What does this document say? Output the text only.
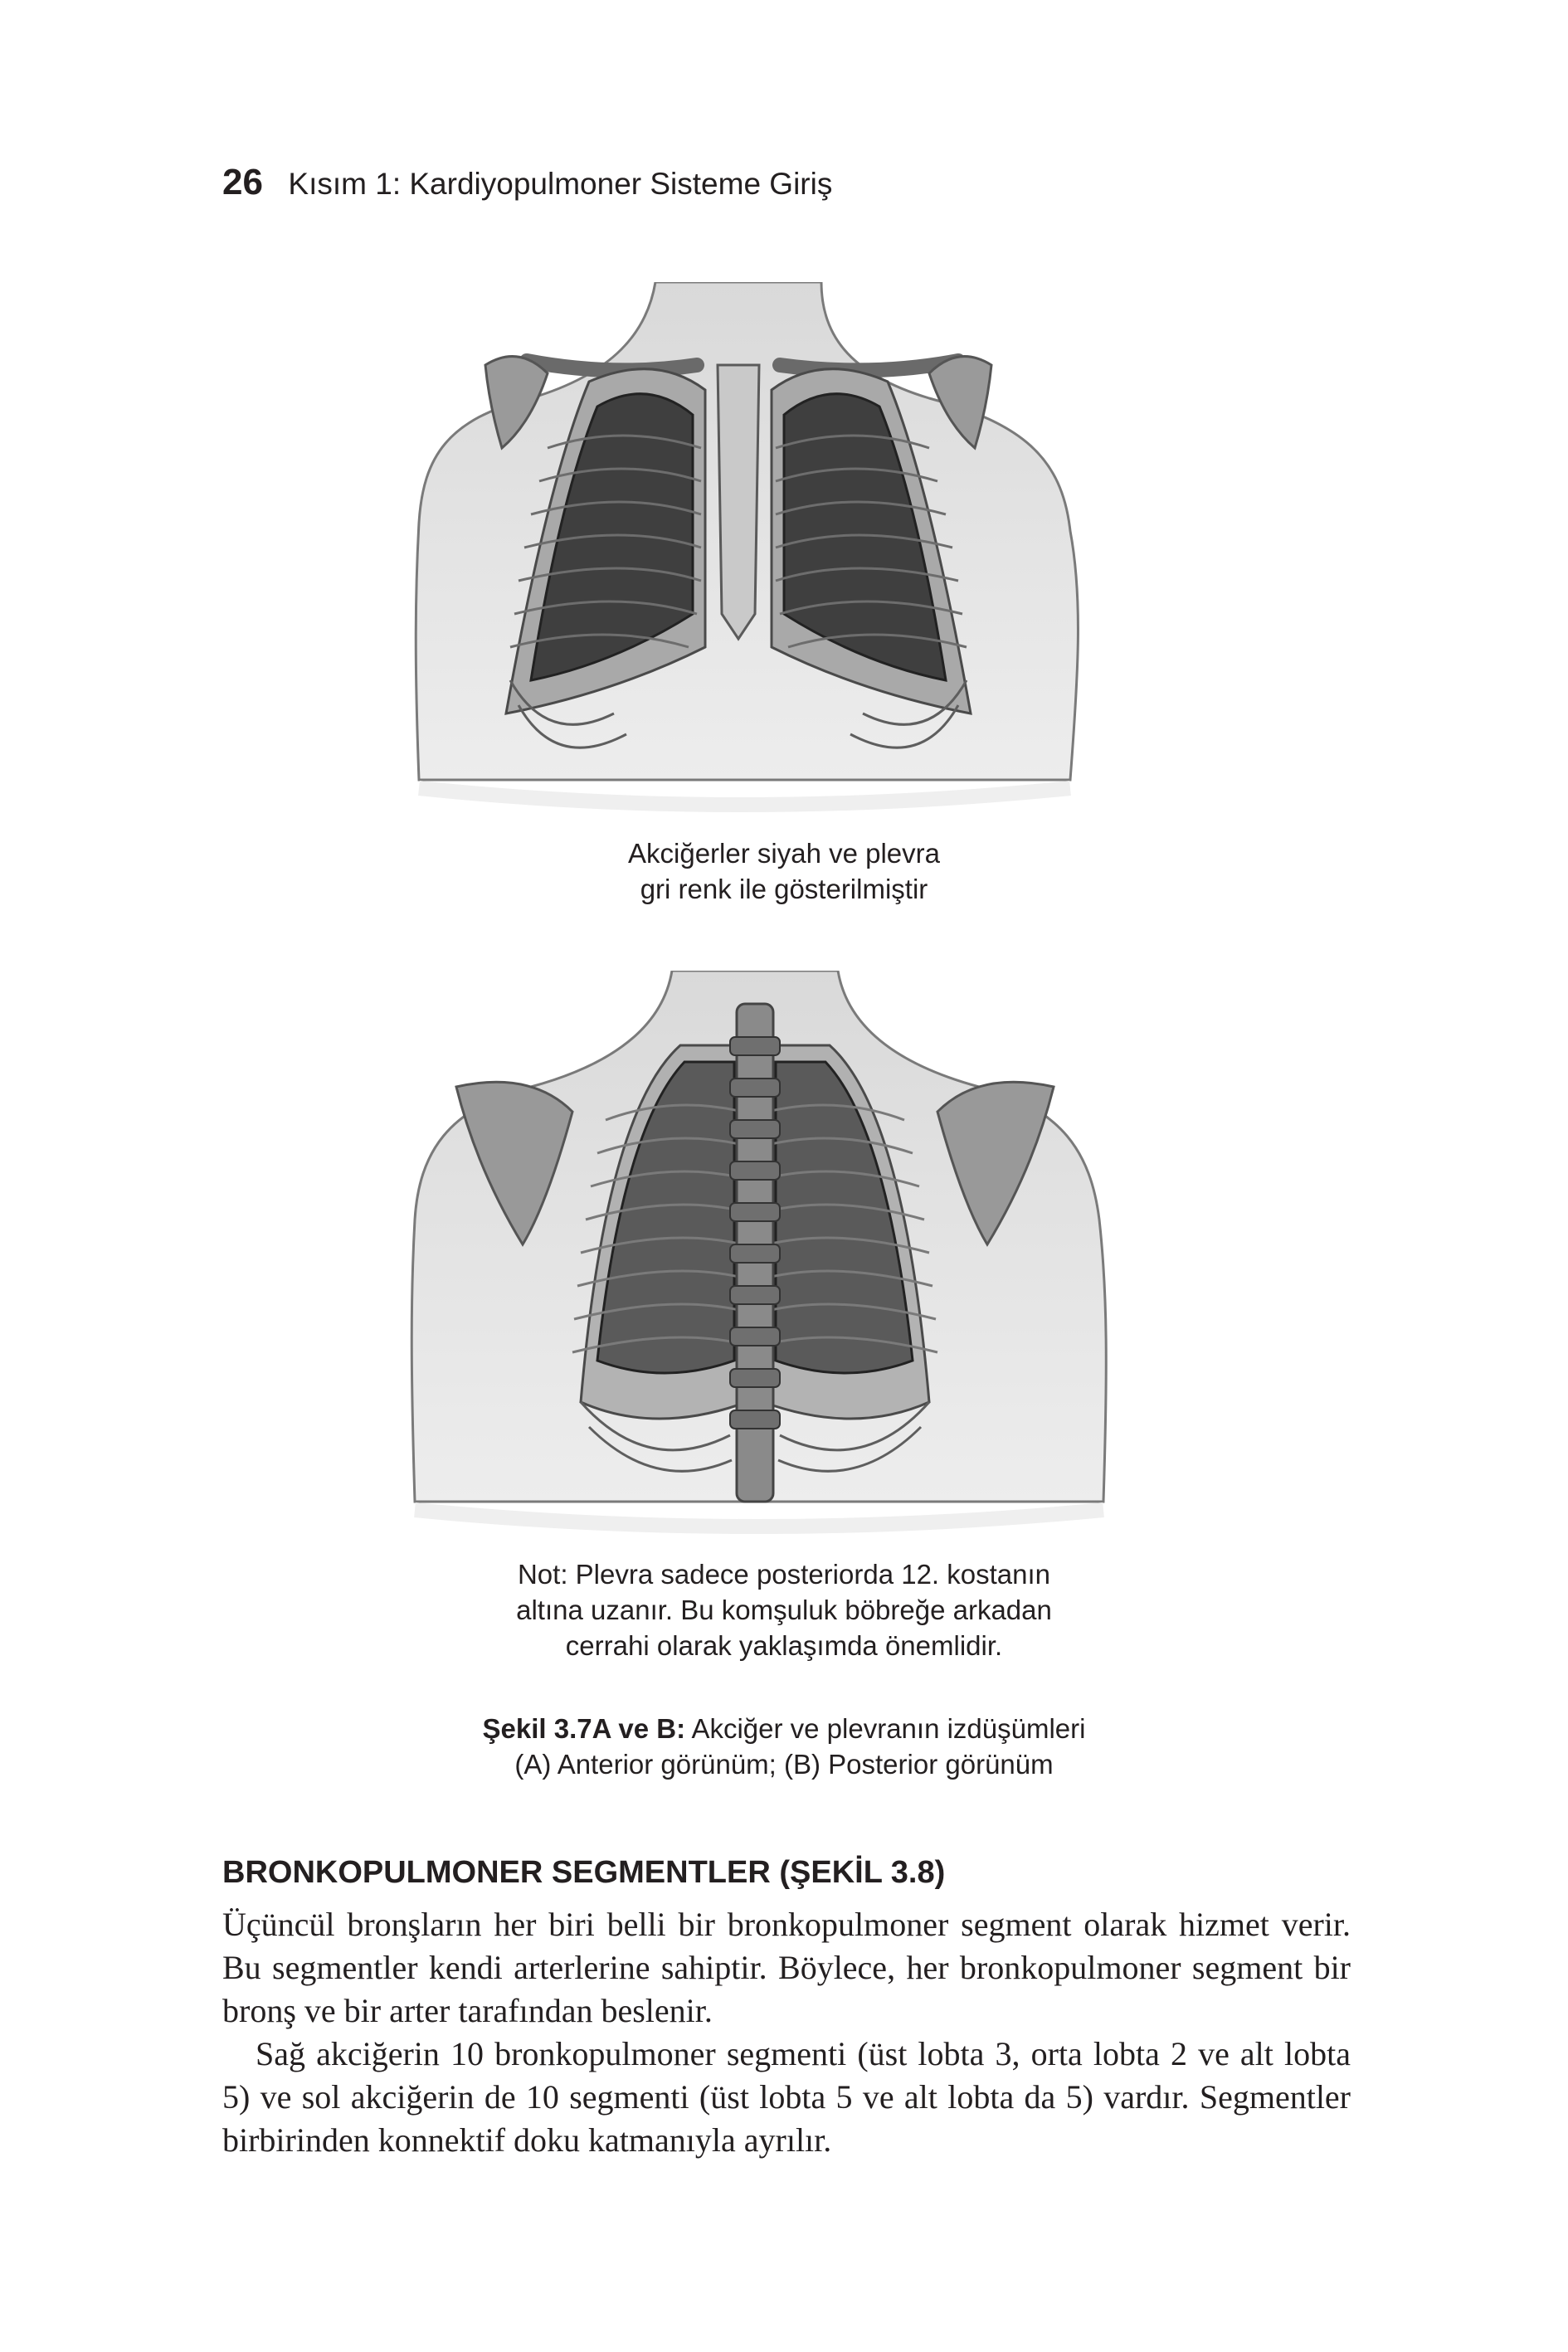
26 Kısım 1: Kardiyopulmoner Sisteme Giriş
Akciğerler siyah ve plevra
gri renk ile gösterilmiştir
Not: Plevra sadece posteriorda 12. kostanın
altına uzanır. Bu komşuluk böbreğe arkadan
cerrahi olarak yaklaşımda önemlidir.
Şekil 3.7A ve B: Akciğer ve plevranın izdüşümleri
(A) Anterior görünüm; (B) Posterior görünüm
BRONKOPULMONER SEGMENTLER (ŞEKİL 3.8)

Üçüncül bronşların her biri belli bir bronkopulmoner segment olarak hizmet verir. Bu segmentler kendi arterlerine sahiptir. Böylece, her bronkopulmoner segment bir bronş ve bir arter tarafından beslenir.

Sağ akciğerin 10 bronkopulmoner segmenti (üst lobta 3, orta lobta 2 ve alt lobta 5) ve sol akciğerin de 10 segmenti (üst lobta 5 ve alt lobta da 5) vardır. Segmentler birbirinden konnektif doku katmanıyla ayrılır.
